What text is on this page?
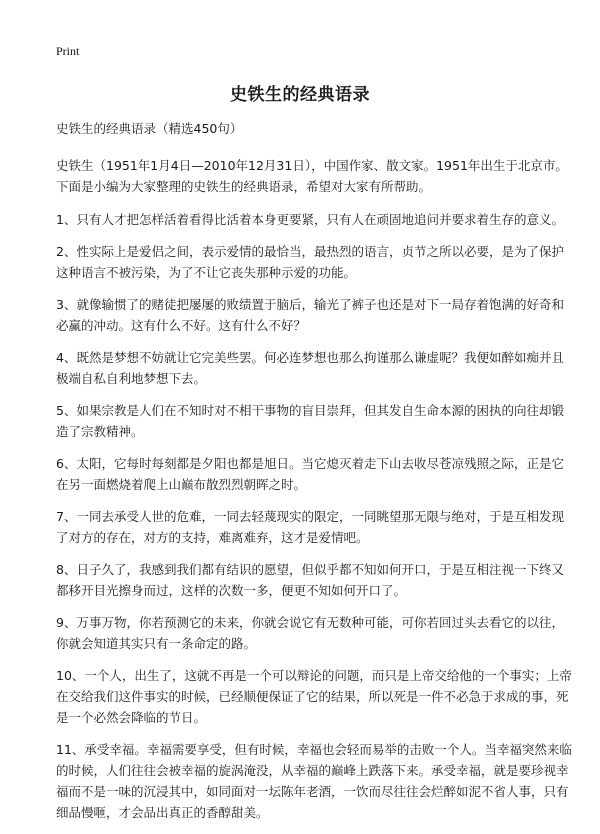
Print
史铁生的经典语录

史铁生的经典语录（精选450句）

史铁生（1951年1月4日—2010年12月31日），中国作家、散文家。1951年出生于北京市。下面是小编为大家整理的史铁生的经典语录，希望对大家有所帮助。

1、只有人才把怎样活着看得比活着本身更要紧，只有人在顽固地追问并要求着生存的意义。

2、性实际上是爱侣之间，表示爱情的最恰当，最热烈的语言，贞节之所以必要，是为了保护这种语言不被污染，为了不让它丧失那种示爱的功能。

3、就像输惯了的赌徒把屡屡的败绩置于脑后，输光了裤子也还是对下一局存着饱满的好奇和必赢的冲动。这有什么不好。这有什么不好？

4、既然是梦想不妨就让它完美些罢。何必连梦想也那么拘谨那么谦虚呢？我便如醉如痴并且极端自私自利地梦想下去。

5、如果宗教是人们在不知时对不相干事物的盲目崇拜，但其发自生命本源的困执的向往却锻造了宗教精神。

6、太阳，它每时每刻都是夕阳也都是旭日。当它熄灭着走下山去收尽苍凉残照之际，正是它在另一面燃烧着爬上山巅布散烈烈朝晖之时。

7、一同去承受人世的危难，一同去轻蔑现实的限定，一同眺望那无限与绝对，于是互相发现了对方的存在，对方的支持，难离难弃，这才是爱情吧。

8、日子久了，我感到我们都有结识的愿望，但似乎都不知如何开口，于是互相注视一下终又都移开目光擦身而过，这样的次数一多，便更不知如何开口了。

9、万事万物，你若预测它的未来，你就会说它有无数种可能，可你若回过头去看它的以往，你就会知道其实只有一条命定的路。

10、一个人，出生了，这就不再是一个可以辩论的问题，而只是上帝交给他的一个事实；上帝在交给我们这件事实的时候，已经顺便保证了它的结果，所以死是一件不必急于求成的事，死是一个必然会降临的节日。

11、承受幸福。幸福需要享受，但有时候，幸福也会轻而易举的击败一个人。当幸福突然来临的时候，人们往往会被幸福的旋涡淹没，从幸福的巅峰上跌落下来。承受幸福，就是要珍视幸福而不是一味的沉浸其中，如同面对一坛陈年老酒，一饮而尽往往会烂醉如泥不省人事，只有细品慢咂，才会品出真正的香醇甜美。
